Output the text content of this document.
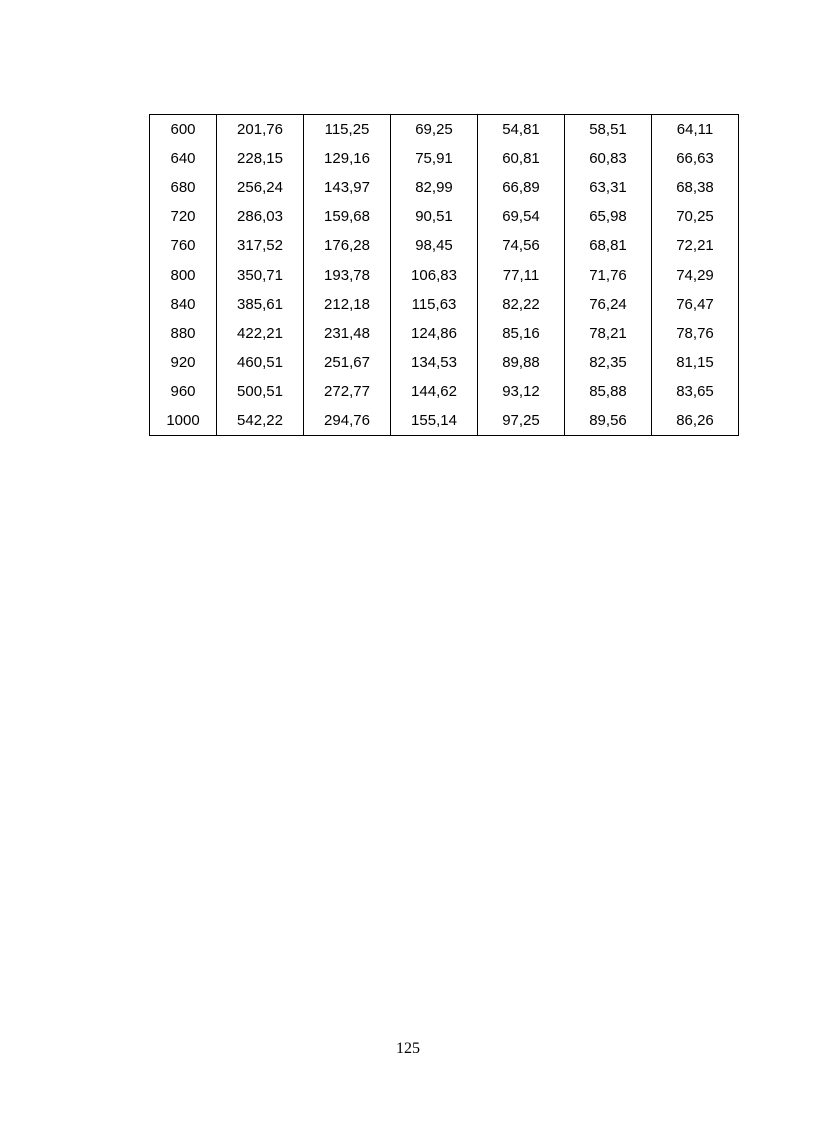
600	201,76	115,25	69,25	54,81	58,51	64,11
640	228,15	129,16	75,91	60,81	60,83	66,63
680	256,24	143,97	82,99	66,89	63,31	68,38
720	286,03	159,68	90,51	69,54	65,98	70,25
760	317,52	176,28	98,45	74,56	68,81	72,21
800	350,71	193,78	106,83	77,11	71,76	74,29
840	385,61	212,18	115,63	82,22	76,24	76,47
880	422,21	231,48	124,86	85,16	78,21	78,76
920	460,51	251,67	134,53	89,88	82,35	81,15
960	500,51	272,77	144,62	93,12	85,88	83,65
1000	542,22	294,76	155,14	97,25	89,56	86,26
125
